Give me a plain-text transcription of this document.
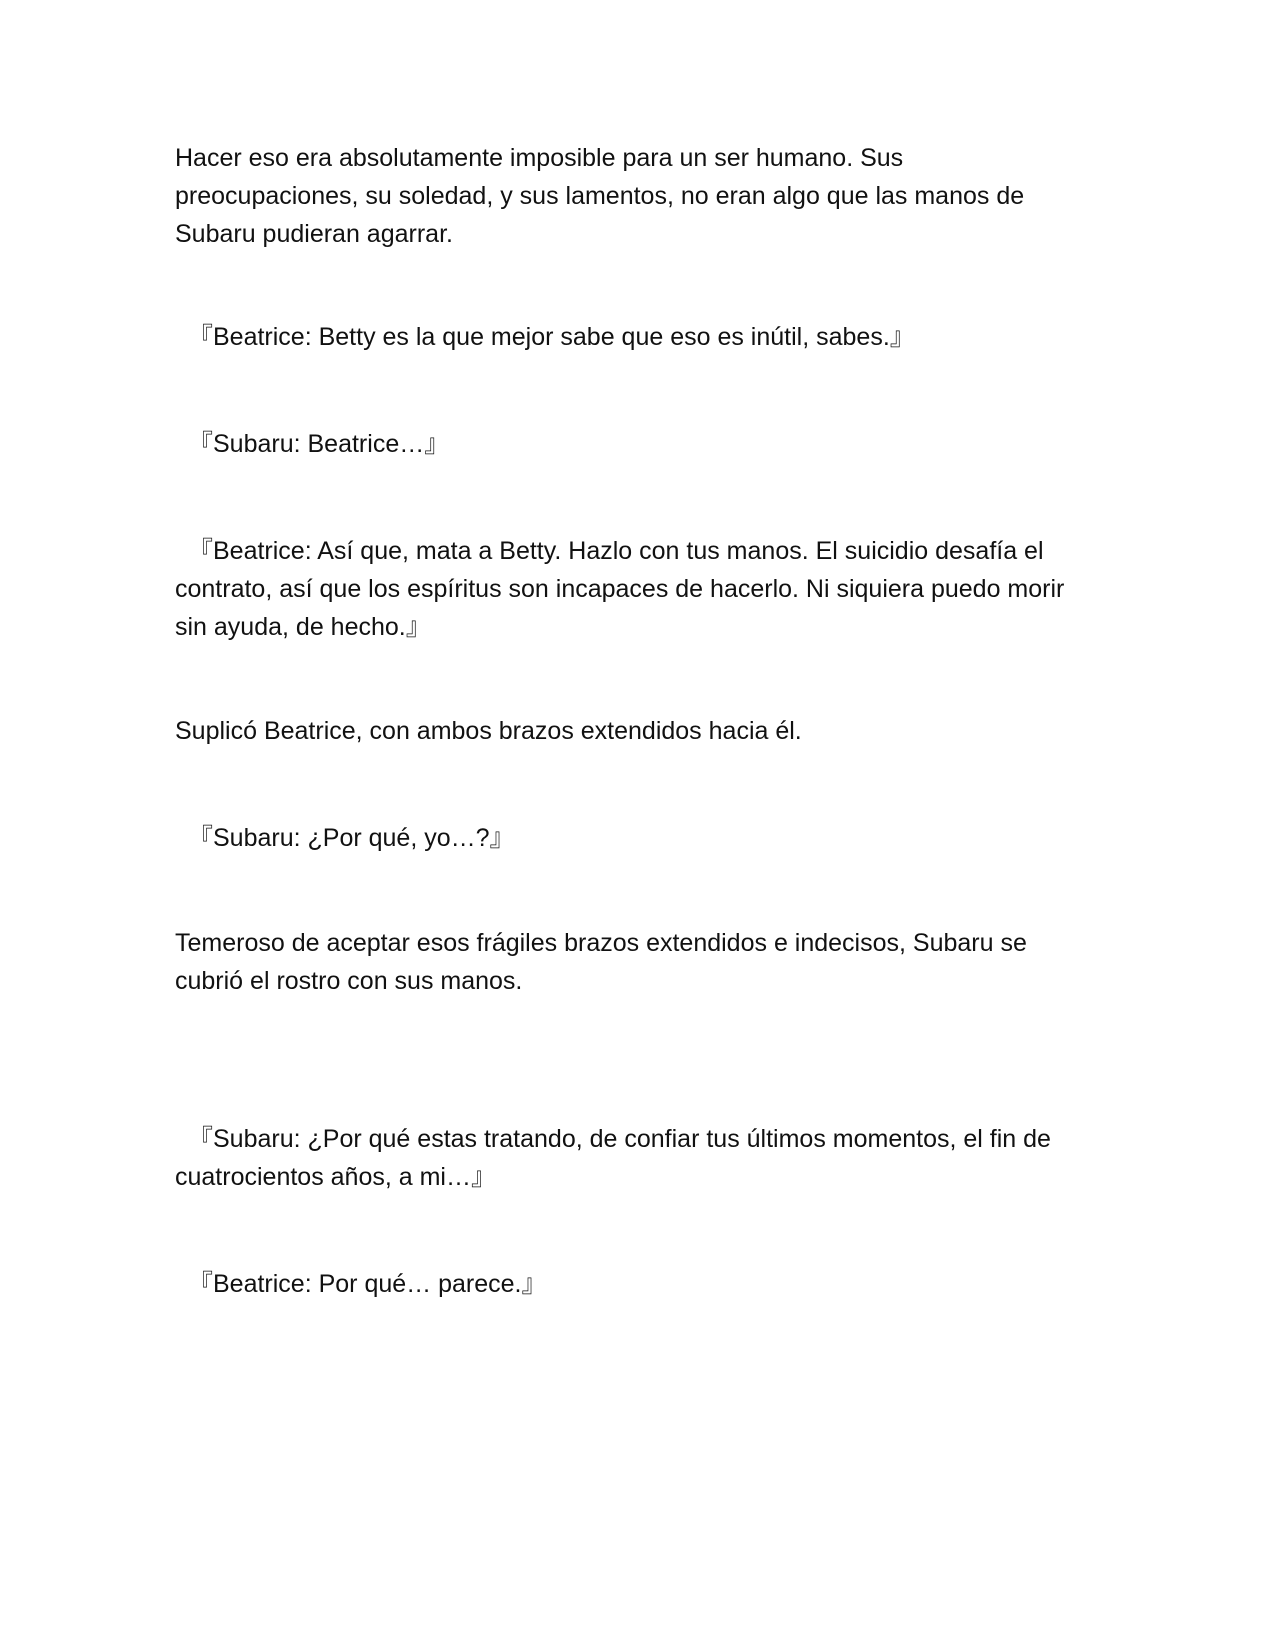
Hacer eso era absolutamente imposible para un ser humano. Sus preocupaciones, su soledad, y sus lamentos, no eran algo que las manos de Subaru pudieran agarrar.

『Beatrice: Betty es la que mejor sabe que eso es inútil, sabes.』

『Subaru: Beatrice…』

『Beatrice: Así que, mata a Betty. Hazlo con tus manos. El suicidio desafía el contrato, así que los espíritus son incapaces de hacerlo. Ni siquiera puedo morir sin ayuda, de hecho.』

Suplicó Beatrice, con ambos brazos extendidos hacia él.

『Subaru: ¿Por qué, yo…?』

Temeroso de aceptar esos frágiles brazos extendidos e indecisos, Subaru se cubrió el rostro con sus manos.

『Subaru: ¿Por qué estas tratando, de confiar tus últimos momentos, el fin de cuatrocientos años, a mi…』

『Beatrice: Por qué… parece.』
